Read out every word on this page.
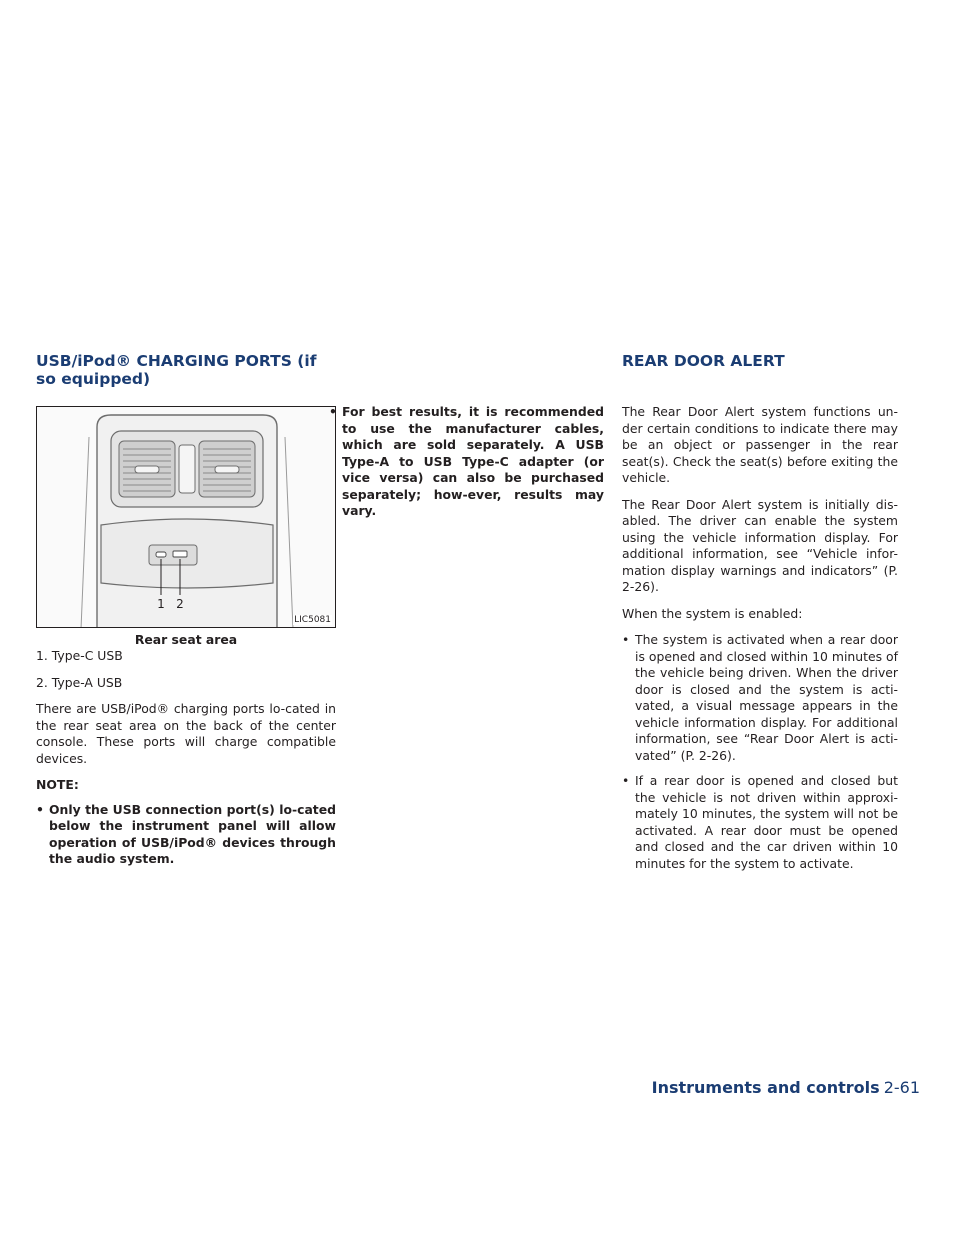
USB/iPod® CHARGING PORTS (if so equipped)
REAR DOOR ALERT
1 2
LIC5081
Rear seat area

1. Type-C USB

2. Type-A USB

There are USB/iPod® charging ports lo-cated in the rear seat area on the back of the center console. These ports will charge compatible devices.

NOTE:

• Only the USB connection port(s) lo-cated below the instrument panel will allow operation of USB/iPod® devices through the audio system.
• For best results, it is recommended to use the manufacturer cables, which are sold separately. A USB Type-A to USB Type-C adapter (or vice versa) can also be purchased separately; how-ever, results may vary.

The Rear Door Alert system functions un-der certain conditions to indicate there may be an object or passenger in the rear seat(s). Check the seat(s) before exiting the vehicle.

The Rear Door Alert system is initially dis-abled. The driver can enable the system using the vehicle information display. For additional information, see “Vehicle infor-mation display warnings and indicators” (P. 2-26).

When the system is enabled:

• The system is activated when a rear door is opened and closed within 10 minutes of the vehicle being driven. When the driver door is closed and the system is acti-vated, a visual message appears in the vehicle information display. For additional information, see “Rear Door Alert is acti-vated” (P. 2-26).
• If a rear door is opened and closed but the vehicle is not driven within approxi-mately 10 minutes, the system will not be activated. A rear door must be opened and closed and the car driven within 10 minutes for the system to activate.
Instruments and controls 2-61
